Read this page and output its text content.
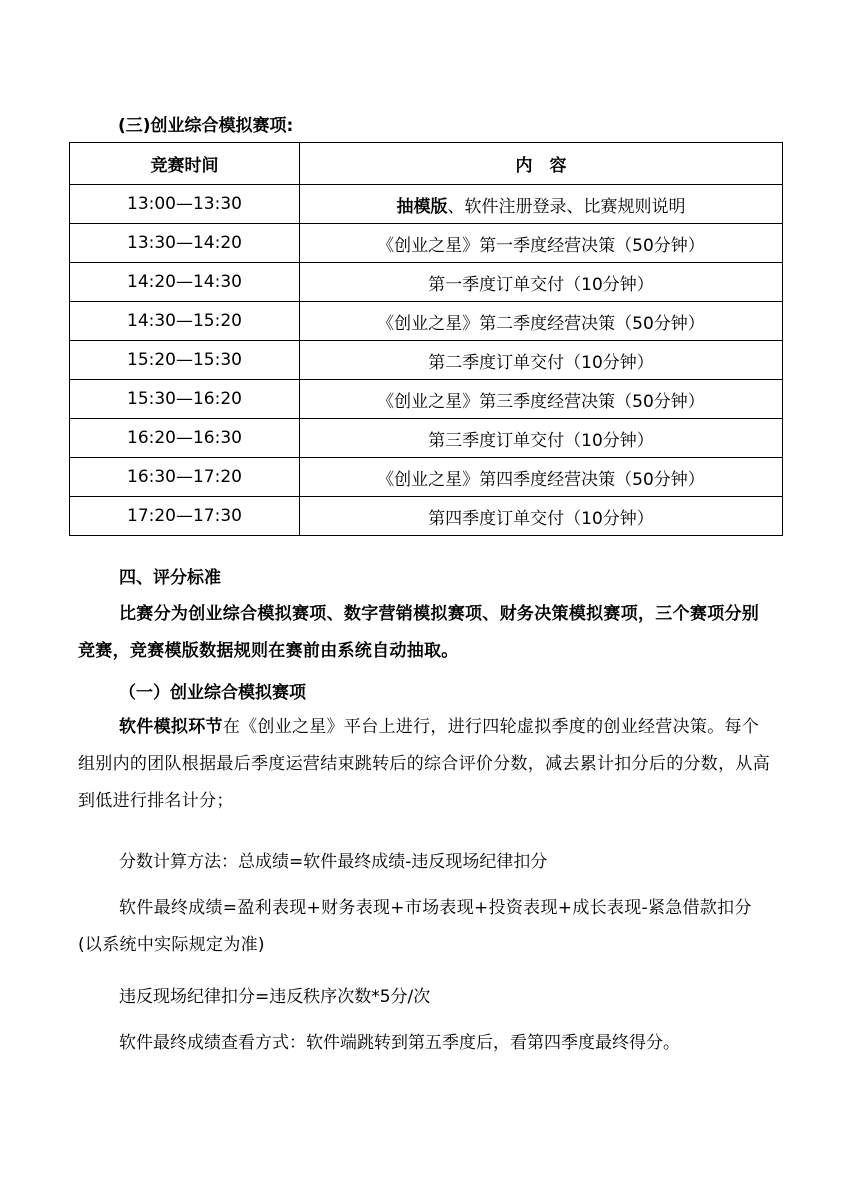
(三)创业综合模拟赛项:
竞赛时间	内　容
13:00—13:30	抽模版、软件注册登录、比赛规则说明
13:30—14:20	《创业之星》第一季度经营决策（50分钟）
14:20—14:30	第一季度订单交付（10分钟）
14:30—15:20	《创业之星》第二季度经营决策（50分钟）
15:20—15:30	第二季度订单交付（10分钟）
15:30—16:20	《创业之星》第三季度经营决策（50分钟）
16:20—16:30	第三季度订单交付（10分钟）
16:30—17:20	《创业之星》第四季度经营决策（50分钟）
17:20—17:30	第四季度订单交付（10分钟）
四、评分标准
比赛分为创业综合模拟赛项、数字营销模拟赛项、财务决策模拟赛项，三个赛项分别竞赛，竞赛模版数据规则在赛前由系统自动抽取。
（一）创业综合模拟赛项
软件模拟环节在《创业之星》平台上进行，进行四轮虚拟季度的创业经营决策。每个组别内的团队根据最后季度运营结束跳转后的综合评价分数，减去累计扣分后的分数，从高到低进行排名计分；
分数计算方法：总成绩=软件最终成绩-违反现场纪律扣分
软件最终成绩=盈利表现+财务表现+市场表现+投资表现+成长表现-紧急借款扣分(以系统中实际规定为准)
违反现场纪律扣分=违反秩序次数*5分/次
软件最终成绩查看方式：软件端跳转到第五季度后，看第四季度最终得分。
